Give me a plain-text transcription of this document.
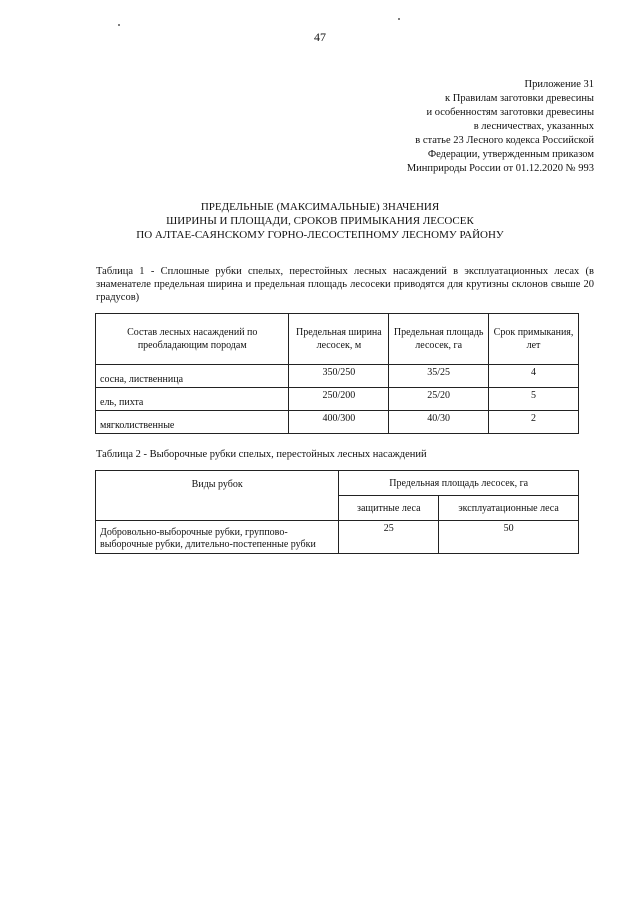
47
Приложение 31
к Правилам заготовки древесины
и особенностям заготовки древесины
в лесничествах, указанных
в статье 23 Лесного кодекса Российской
Федерации, утвержденным приказом
Минприроды России от 01.12.2020 № 993
ПРЕДЕЛЬНЫЕ (МАКСИМАЛЬНЫЕ) ЗНАЧЕНИЯ
ШИРИНЫ И ПЛОЩАДИ, СРОКОВ ПРИМЫКАНИЯ ЛЕСОСЕК
ПО АЛТАЕ-САЯНСКОМУ ГОРНО-ЛЕСОСТЕПНОМУ ЛЕСНОМУ РАЙОНУ
Таблица 1 - Сплошные рубки спелых, перестойных лесных насаждений в эксплуатационных лесах (в знаменателе предельная ширина и предельная площадь лесосеки приводятся для крутизны склонов свыше 20 градусов)
Состав лесных насаждений по преобладающим породам	Предельная ширина лесосек, м	Предельная площадь лесосек, га	Срок примыкания, лет
сосна, лиственница	350/250	35/25	4
ель, пихта	250/200	25/20	5
мягколиственные	400/300	40/30	2
Таблица 2 - Выборочные рубки спелых, перестойных лесных насаждений
Виды рубок	Предельная площадь лесосек, га	
	защитные леса	эксплуатационные леса
Добровольно-выборочные рубки, группово-выборочные рубки, длительно-постепенные рубки	25	50
